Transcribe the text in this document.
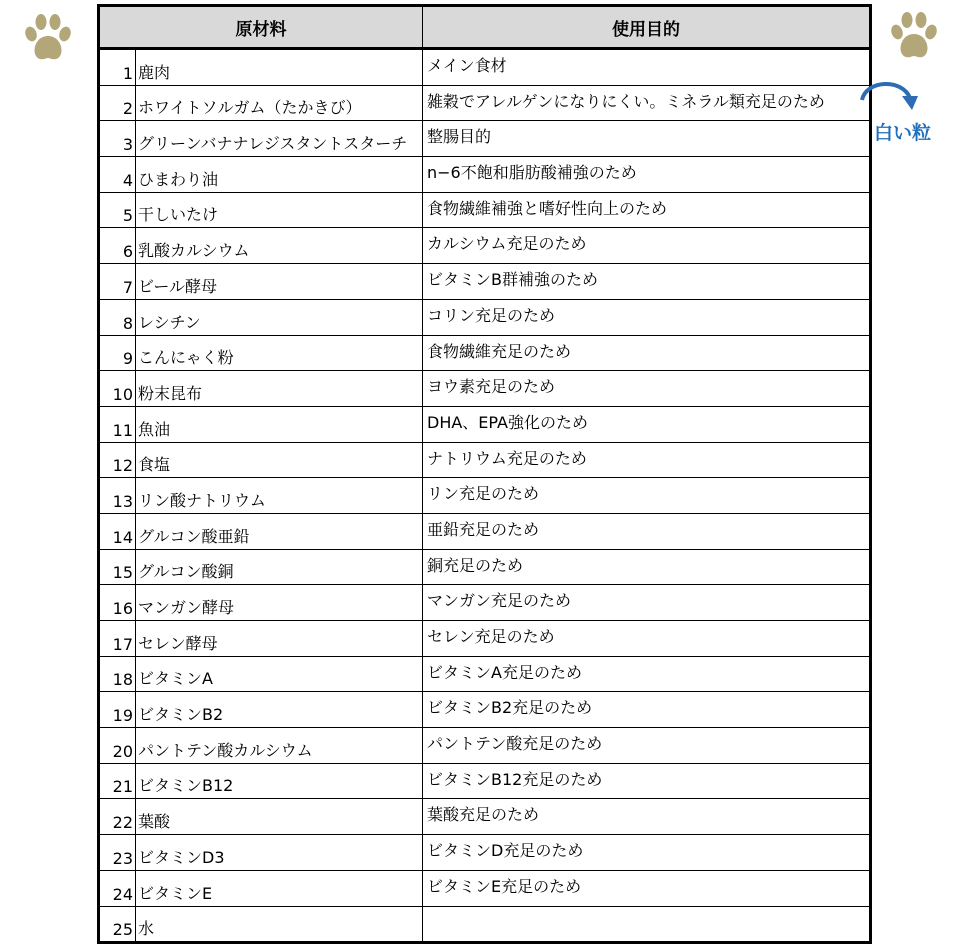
原材料		使用目的
1	鹿肉	メイン食材
2	ホワイトソルガム（たかきび）	雑穀でアレルゲンになりにくい。ミネラル類充足のため
3	グリーンバナナレジスタントスターチ	整腸目的
4	ひまわり油	n−6不飽和脂肪酸補強のため
5	干しいたけ	食物繊維補強と嗜好性向上のため
6	乳酸カルシウム	カルシウム充足のため
7	ビール酵母	ビタミンB群補強のため
8	レシチン	コリン充足のため
9	こんにゃく粉	食物繊維充足のため
10	粉末昆布	ヨウ素充足のため
11	魚油	DHA、EPA強化のため
12	食塩	ナトリウム充足のため
13	リン酸ナトリウム	リン充足のため
14	グルコン酸亜鉛	亜鉛充足のため
15	グルコン酸銅	銅充足のため
16	マンガン酵母	マンガン充足のため
17	セレン酵母	セレン充足のため
18	ビタミンA	ビタミンA充足のため
19	ビタミンB2	ビタミンB2充足のため
20	パントテン酸カルシウム	パントテン酸充足のため
21	ビタミンB12	ビタミンB12充足のため
22	葉酸	葉酸充足のため
23	ビタミンD3	ビタミンD充足のため
24	ビタミンE	ビタミンE充足のため
25	水	
白い粒
